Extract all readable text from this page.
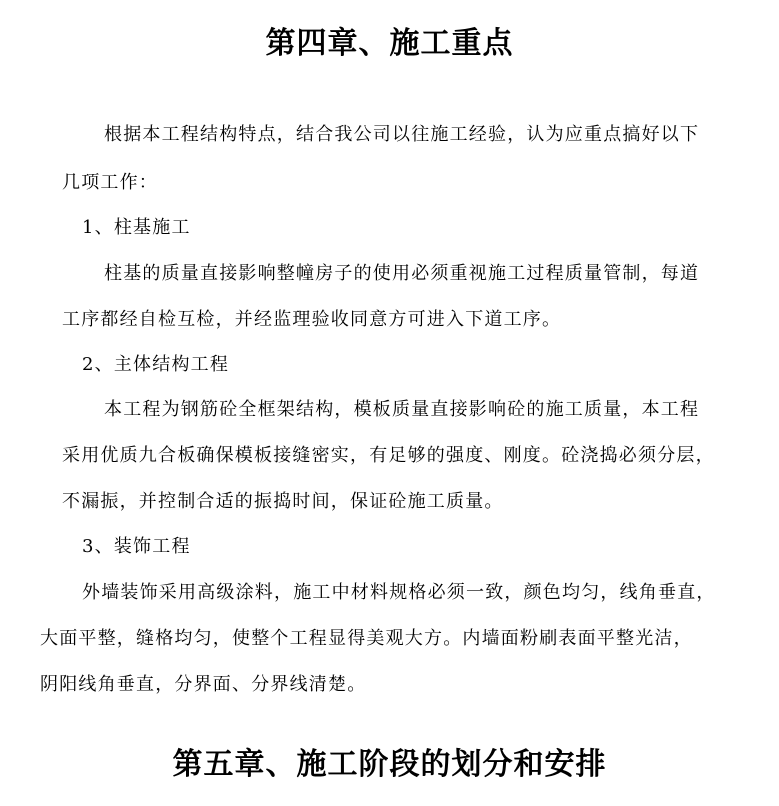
第四章、施工重点

根据本工程结构特点，结合我公司以往施工经验，认为应重点搞好以下

几项工作：

1、柱基施工

柱基的质量直接影响整幢房子的使用必须重视施工过程质量管制，每道

工序都经自检互检，并经监理验收同意方可进入下道工序。

2、主体结构工程

本工程为钢筋砼全框架结构，模板质量直接影响砼的施工质量，本工程

采用优质九合板确保模板接缝密实，有足够的强度、刚度。砼浇捣必须分层，

不漏振，并控制合适的振捣时间，保证砼施工质量。

3、装饰工程

外墙装饰采用高级涂料，施工中材料规格必须一致，颜色均匀，线角垂直，

大面平整，缝格均匀，使整个工程显得美观大方。内墙面粉刷表面平整光洁，

阴阳线角垂直，分界面、分界线清楚。

第五章、施工阶段的划分和安排
